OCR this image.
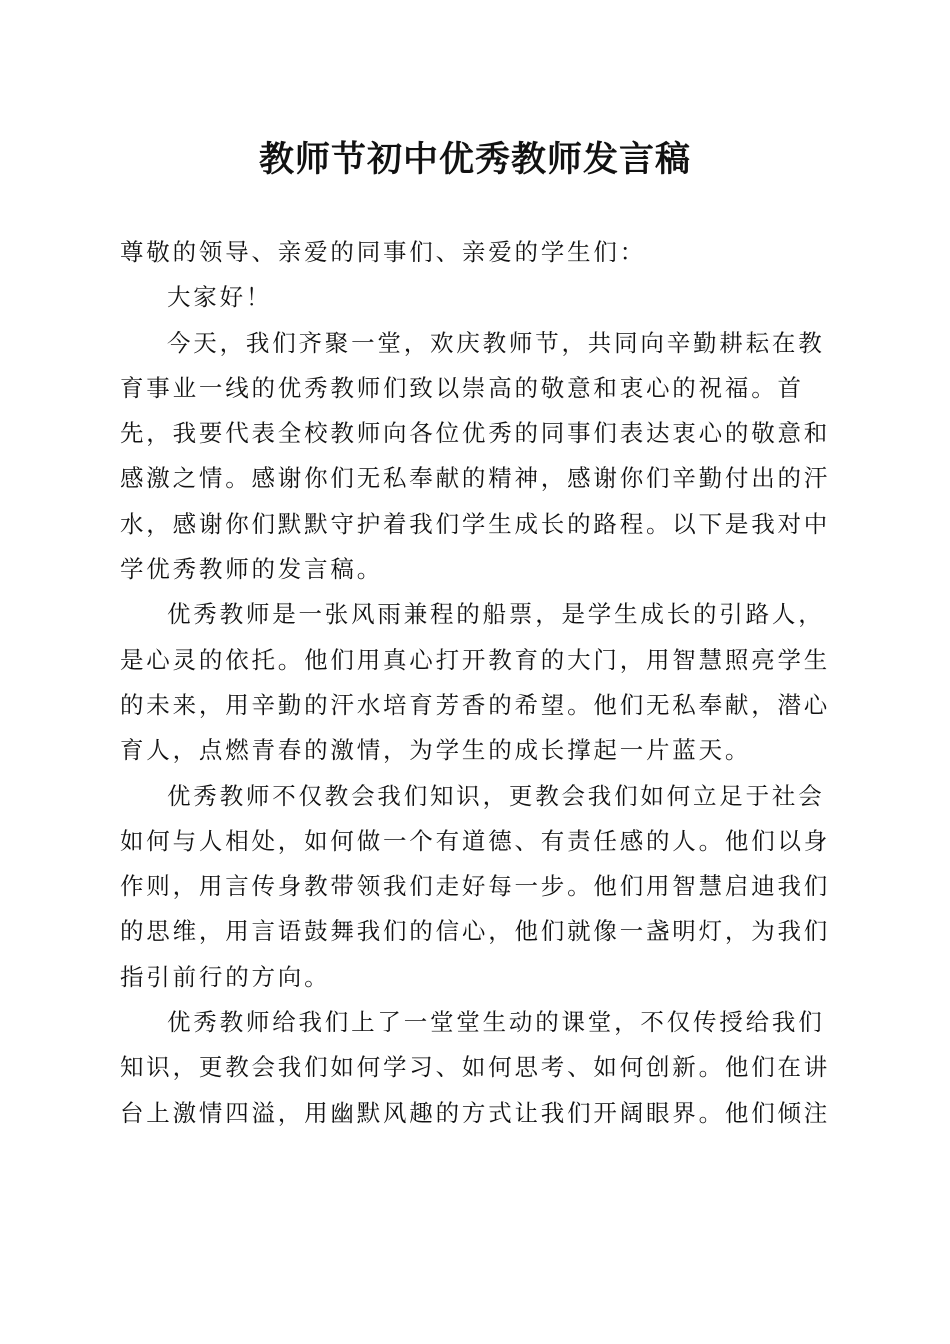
教师节初中优秀教师发言稿

尊敬的领导、亲爱的同事们、亲爱的学生们：

大家好！

今天，我们齐聚一堂，欢庆教师节，共同向辛勤耕耘在教育事业一线的优秀教师们致以崇高的敬意和衷心的祝福。首先，我要代表全校教师向各位优秀的同事们表达衷心的敬意和感激之情。感谢你们无私奉献的精神，感谢你们辛勤付出的汗水，感谢你们默默守护着我们学生成长的路程。以下是我对中学优秀教师的发言稿。

优秀教师是一张风雨兼程的船票，是学生成长的引路人，是心灵的依托。他们用真心打开教育的大门，用智慧照亮学生的未来，用辛勤的汗水培育芳香的希望。他们无私奉献，潜心育人，点燃青春的激情，为学生的成长撑起一片蓝天。

优秀教师不仅教会我们知识，更教会我们如何立足于社会如何与人相处，如何做一个有道德、有责任感的人。他们以身作则，用言传身教带领我们走好每一步。他们用智慧启迪我们的思维，用言语鼓舞我们的信心，他们就像一盏明灯，为我们指引前行的方向。

优秀教师给我们上了一堂堂生动的课堂，不仅传授给我们知识，更教会我们如何学习、如何思考、如何创新。他们在讲台上激情四溢，用幽默风趣的方式让我们开阔眼界。他们倾注
